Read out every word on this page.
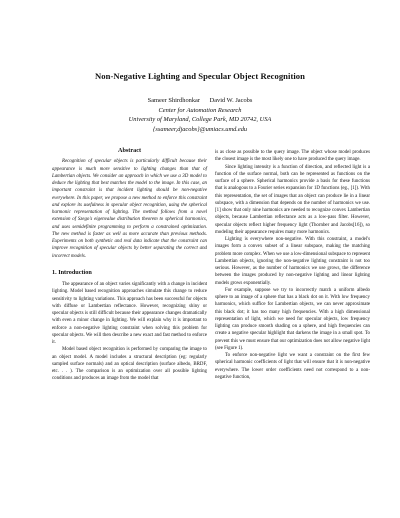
Non-Negative Lighting and Specular Object Recognition
Sameer Shirdhonkar      David W. Jacobs
Center for Automation Research
University of Maryland, College Park, MD 20742, USA
{ssameer,djacobs}@umiacs.umd.edu
Abstract

Recognition of specular objects is particularly difficult because their appearance is much more sensitive to lighting changes than that of Lambertian objects. We consider an approach in which we use a 3D model to deduce the lighting that best matches the model to the image. In this case, an important constraint is that incident lighting should be non-negative everywhere. In this paper, we propose a new method to enforce this constraint and explore its usefulness in specular object recognition, using the spherical harmonic representation of lighting. The method follows from a novel extension of Szego's eigenvalue distribution theorem to spherical harmonics, and uses semidefinite programming to perform a constrained optimization. The new method is faster as well as more accurate than previous methods. Experiments on both synthetic and real data indicate that the constraint can improve recognition of specular objects by better separating the correct and incorrect models.

1. Introduction

The appearance of an object varies significantly with a change in incident lighting. Model based recognition approaches simulate this change to reduce sensitivity to lighting variations. This approach has been successful for objects with diffuse or Lambertian reflectance. However, recognizing shiny or specular objects is still difficult because their appearance changes dramatically with even a minor change in lighting. We will explain why it is important to enforce a non-negative lighting constraint when solving this problem for specular objects. We will then describe a new exact and fast method to enforce it.

Model based object recognition is performed by comparing the image to an object model. A model includes a structural description (eg: regularly sampled surface normals) and an optical description (surface albedo, BRDF, etc. . . ). The comparison is an optimization over all possible lighting conditions and produces an image from the model that

is as close as possible to the query image. The object whose model produces the closest image is the most likely one to have produced the query image.

Since lighting intensity is a function of direction, and reflected light is a function of the surface normal, both can be represented as functions on the surface of a sphere. Spherical harmonics provide a basis for these functions that is analogous to a Fourier series expansion for 1D functions (eg., [1]). With this representation, the set of images that an object can produce lie in a linear subspace, with a dimension that depends on the number of harmonics we use. [1] show that only nine harmonics are needed to recognize convex Lambertian objects, because Lambertian reflectance acts as a low-pass filter. However, specular objects reflect higher frequency light (Thornber and Jacobs[16]), so modeling their appearance requires many more harmonics.

Lighting is everywhere non-negative. With this constraint, a model's images form a convex subset of a linear subspace, making the matching problem more complex. When we use a low-dimensional subspace to represent Lambertian objects, ignoring the non-negative lighting constraint is not too serious. However, as the number of harmonics we use grows, the difference between the images produced by non-negative lighting and linear lighting models grows exponentially.

For example, suppose we try to incorrectly match a uniform albedo sphere to an image of a sphere that has a black dot on it. With low frequency harmonics, which suffice for Lambertian objects, we can never approximate this black dot; it has too many high frequencies. With a high dimensional representation of light, which we need for specular objects, low frequency lighting can produce smooth shading on a sphere, and high frequencies can create a negative specular highlight that darkens the image in a small spot. To prevent this we must ensure that our optimization does not allow negative light (see Figure 1).

To enforce non-negative light we want a constraint on the first few spherical harmonic coefficients of light that will ensure that it is non-negative everywhere. The lower order coefficients need not correspond to a non-negative function,
